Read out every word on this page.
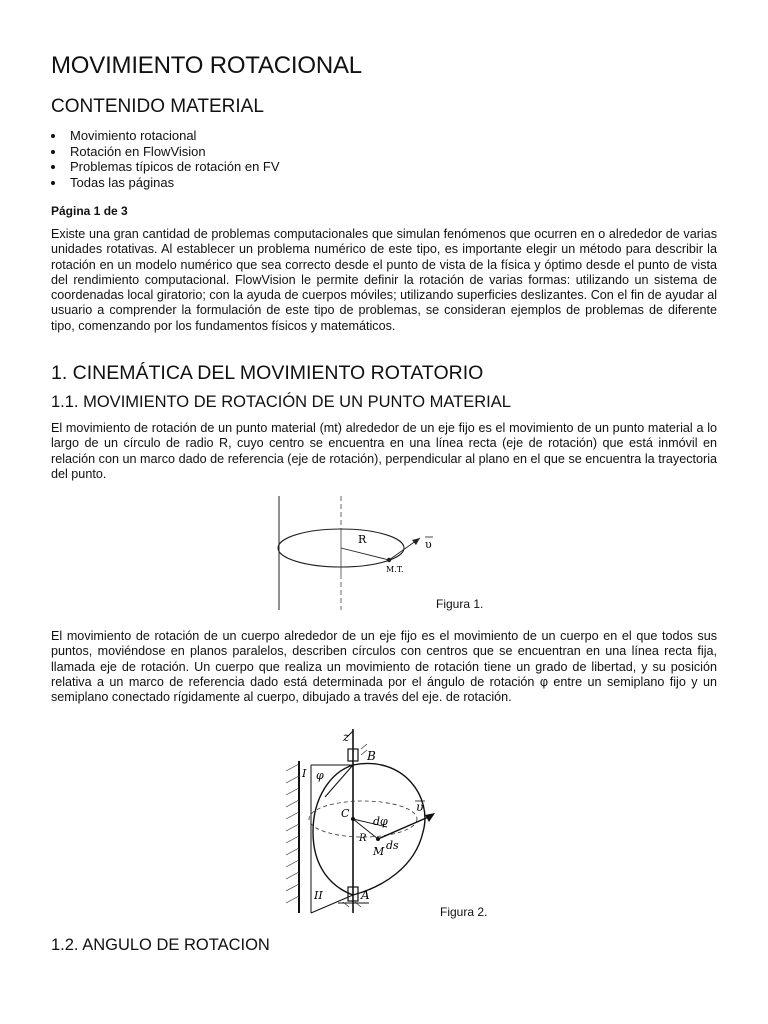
MOVIMIENTO ROTACIONAL
CONTENIDO MATERIAL
Movimiento rotacional
Rotación en FlowVision
Problemas típicos de rotación en FV
Todas las páginas
Página 1 de 3

Existe una gran cantidad de problemas computacionales que simulan fenómenos que ocurren en o alrededor de varias unidades rotativas. Al establecer un problema numérico de este tipo, es importante elegir un método para describir la rotación en un modelo numérico que sea correcto desde el punto de vista de la física y óptimo desde el punto de vista del rendimiento computacional. FlowVision le permite definir la rotación de varias formas: utilizando un sistema de coordenadas local giratorio; con la ayuda de cuerpos móviles; utilizando superficies deslizantes. Con el fin de ayudar al usuario a comprender la formulación de este tipo de problemas, se consideran ejemplos de problemas de diferente tipo, comenzando por los fundamentos físicos y matemáticos.

1. CINEMÁTICA DEL MOVIMIENTO ROTATORIO
1.1. MOVIMIENTO DE ROTACIÓN DE UN PUNTO MATERIAL

El movimiento de rotación de un punto material (mt) alrededor de un eje fijo es el movimiento de un punto material a lo largo de un círculo de radio R, cuyo centro se encuentra en una línea recta (eje de rotación) que está inmóvil en relación con un marco dado de referencia (eje de rotación), perpendicular al plano en el que se encuentra la trayectoria del punto.

Figura 1.

El movimiento de rotación de un cuerpo alrededor de un eje fijo es el movimiento de un cuerpo en el que todos sus puntos, moviéndose en planos paralelos, describen círculos con centros que se encuentran en una línea recta fija, llamada eje de rotación. Un cuerpo que realiza un movimiento de rotación tiene un grado de libertad, y su posición relativa a un marco de referencia dado está determinada por el ángulo de rotación φ entre un semiplano fijo y un semiplano conectado rígidamente al cuerpo, dibujado a través del eje. de rotación.

Figura 2.
1.2. ANGULO DE ROTACION
R	υ
M.T.
z
B
A
C
I
II
φ
dφ
R
M ds
υ
